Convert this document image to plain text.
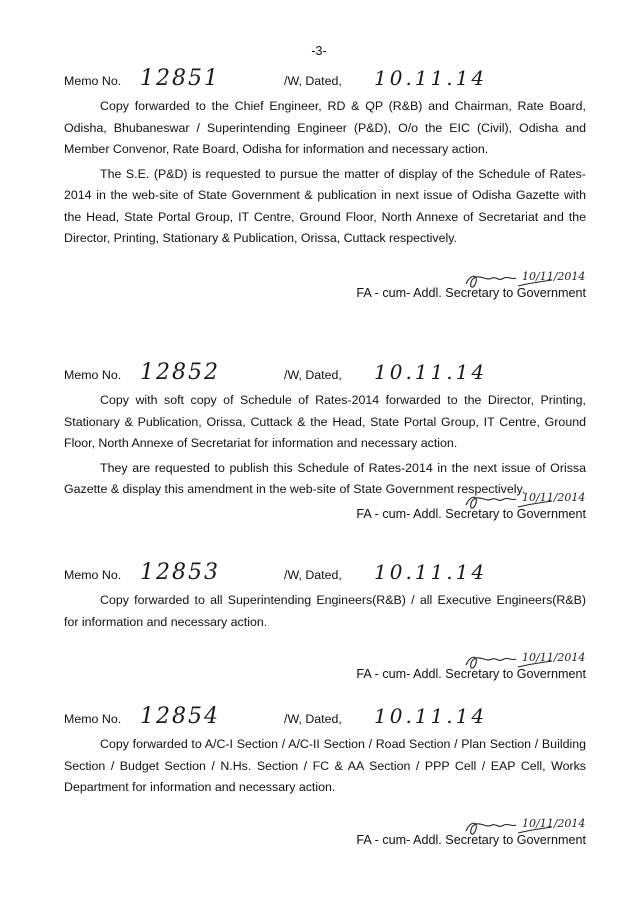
-3-
Memo No. 12851	/W, Dated, 10.11.14

Copy forwarded to the Chief Engineer, RD & QP (R&B) and Chairman, Rate Board, Odisha, Bhubaneswar / Superintending Engineer (P&D), O/o the EIC (Civil), Odisha and Member Convenor, Rate Board, Odisha for information and necessary action.

The S.E. (P&D) is requested to pursue the matter of display of the Schedule of Rates-2014 in the web-site of State Government & publication in next issue of Odisha Gazette with the Head, State Portal Group, IT Centre, Ground Floor, North Annexe of Secretariat and the Director, Printing, Stationary & Publication, Orissa, Cuttack respectively.

10/11/2014
FA - cum- Addl. Secretary to Government
Memo No. 12852	/W, Dated, 10.11.14

Copy with soft copy of Schedule of Rates-2014 forwarded to the Director, Printing, Stationary & Publication, Orissa, Cuttack & the Head, State Portal Group, IT Centre, Ground Floor, North Annexe of Secretariat for information and necessary action.

They are requested to publish this Schedule of Rates-2014 in the next issue of Orissa Gazette & display this amendment in the web-site of State Government respectively.

10/11/2014
FA - cum- Addl. Secretary to Government
Memo No. 12853	/W, Dated, 10.11.14

Copy forwarded to all Superintending Engineers(R&B) / all Executive Engineers(R&B) for information and necessary action.

10/11/2014
FA - cum- Addl. Secretary to Government
Memo No. 12854	/W, Dated, 10.11.14

Copy forwarded to A/C-I Section / A/C-II Section / Road Section / Plan Section / Building Section / Budget Section / N.Hs. Section / FC & AA Section / PPP Cell / EAP Cell, Works Department for information and necessary action.

10/11/2014
FA - cum- Addl. Secretary to Government
